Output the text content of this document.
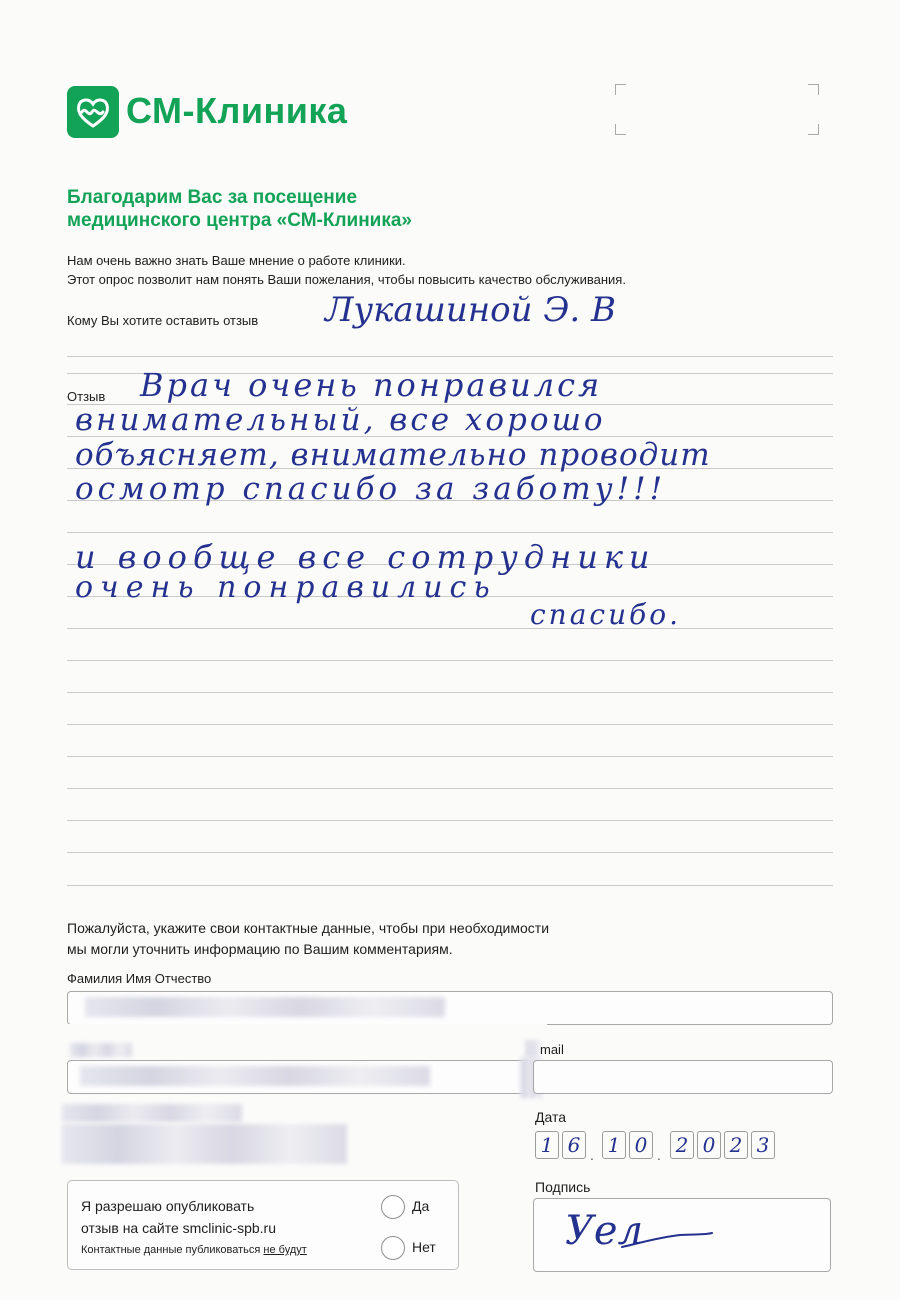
СМ-Клиника
Благодарим Вас за посещение
медицинского центра «СМ-Клиника»
Нам очень важно знать Ваше мнение о работе клиники.
Этот опрос позволит нам понять Ваши пожелания, чтобы повысить качество обслуживания.
Кому Вы хотите оставить отзыв Лукашиной Э. В
Отзыв Врач очень понравился
внимательный, все хорошо
объясняет, внимательно проводит
осмотр спасибо за заботу!!!
и вообще все сотрудники
очень понравились
спасибо.
Пожалуйста, укажите свои контактные данные, чтобы при необходимости
мы могли уточнить информацию по Вашим комментариям.
Фамилия Имя Отчество
mail
Дата
1 6 . 1 0 . 2 0 2 3
Я разрешаю опубликовать
отзыв на сайте smclinic-spb.ru
Контактные данные публиковаться не будут
Да
Нет
Подпись
Уел
